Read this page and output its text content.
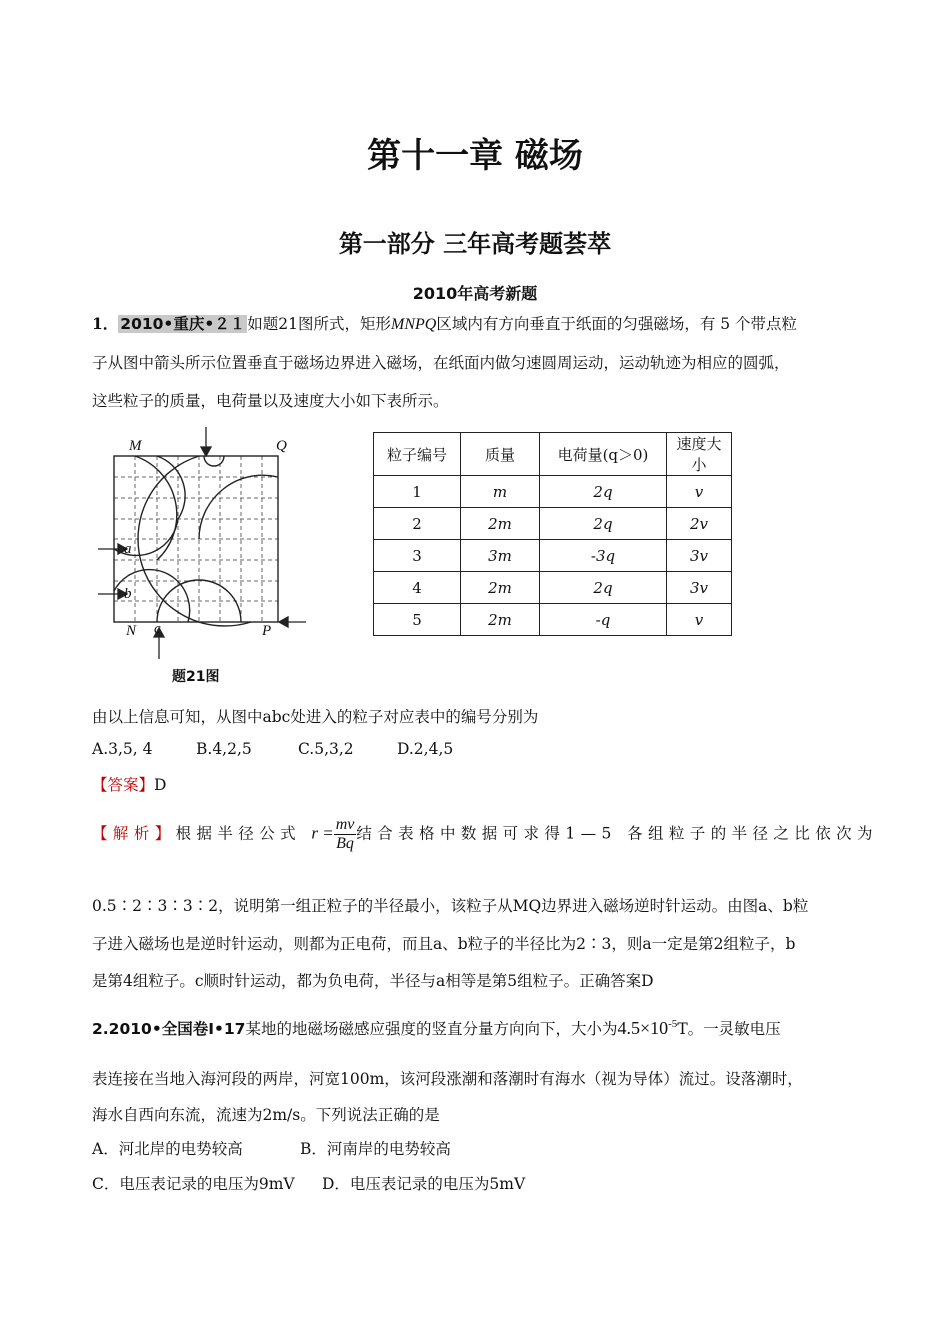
第十一章 磁场
第一部分 三年高考题荟萃
2010年高考新题
1． 2010•重庆•２１ 如题21图所式，矩形MNPQ区域内有方向垂直于纸面的匀强磁场，有 5 个带点粒
子从图中箭头所示位置垂直于磁场边界进入磁场，在纸面内做匀速圆周运动，运动轨迹为相应的圆弧，
这些粒子的质量，电荷量以及速度大小如下表所示。
M	Q
N	P
a
b
c
题21图
粒子编号	质量	电荷量(q＞0)	速度大小
1	m	2q	v
2	2m	2q	2v
3	3m	-3q	3v
4	2m	2q	3v
5	2m	-q	v
由以上信息可知，从图中abc处进入的粒子对应表中的编号分别为
A.3,5, 4	B.4,2,5	C.5,3,2	D.2,4,5
【答案】D
【解析】根据半径公式 $r = \frac{mv}{Bq}$ 结合表格中数据可求得1—5 各组粒子的半径之比依次为
0.5∶2∶3∶3∶2，说明第一组正粒子的半径最小，该粒子从MQ边界进入磁场逆时针运动。由图a、b粒
子进入磁场也是逆时针运动，则都为正电荷，而且a、b粒子的半径比为2∶3，则a一定是第2组粒子，b
是第4组粒子。c顺时针运动，都为负电荷，半径与a相等是第5组粒子。正确答案D
2.2010•全国卷Ⅰ•17某地的地磁场磁感应强度的竖直分量方向向下，大小为$4.5\times 10^{-5}T$。一灵敏电压
表连接在当地入海河段的两岸，河宽100m，该河段涨潮和落潮时有海水（视为导体）流过。设落潮时，
海水自西向东流，流速为2m/s。下列说法正确的是
A．河北岸的电势较高	B．河南岸的电势较高
C．电压表记录的电压为9mV D．电压表记录的电压为5mV
